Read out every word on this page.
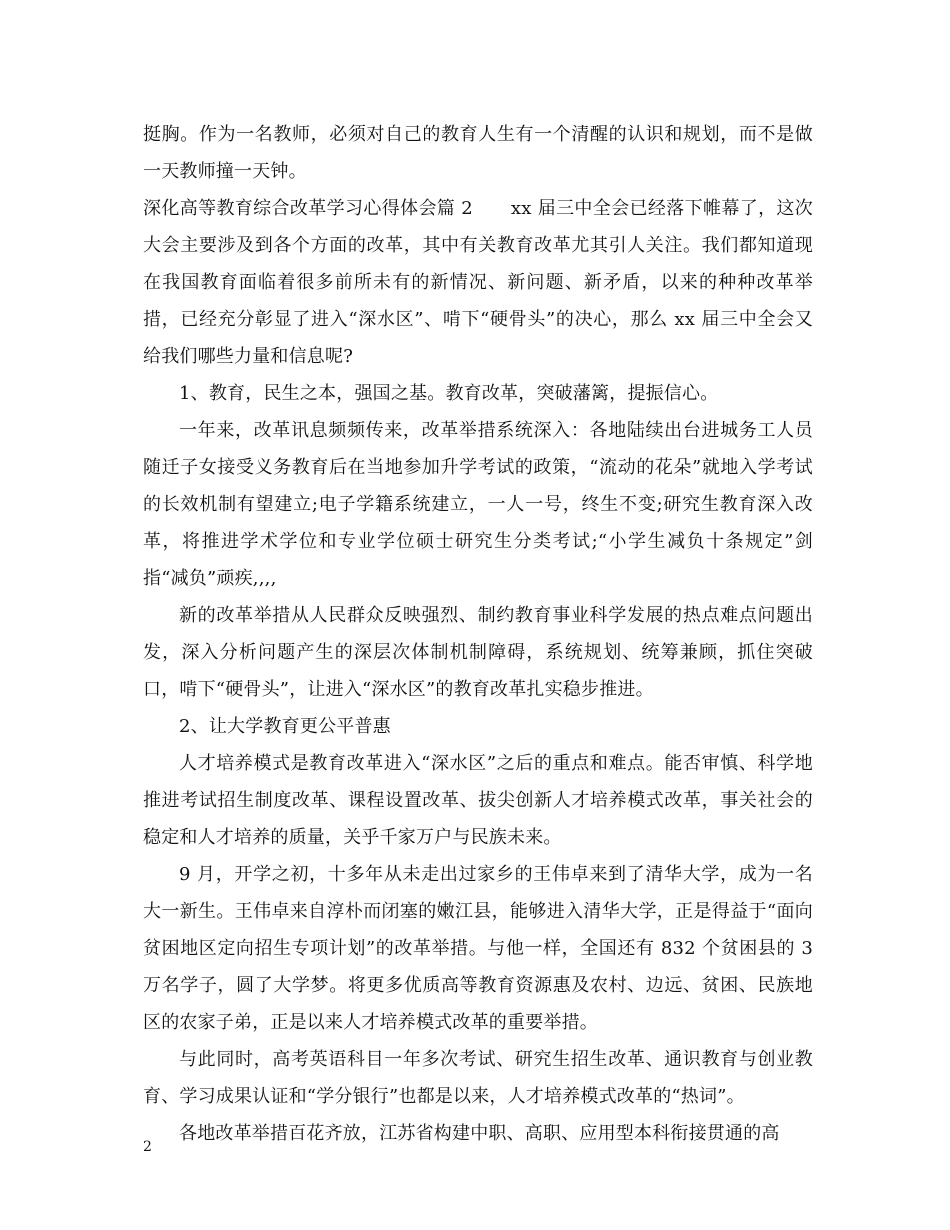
挺胸。作为一名教师，必须对自己的教育人生有一个清醒的认识和规划，而不是做一天教师撞一天钟。

深化高等教育综合改革学习心得体会篇 2 xx 届三中全会已经落下帷幕了，这次大会主要涉及到各个方面的改革，其中有关教育改革尤其引人关注。我们都知道现在我国教育面临着很多前所未有的新情况、新问题、新矛盾，以来的种种改革举措，已经充分彰显了进入“深水区”、啃下“硬骨头”的决心，那么 xx 届三中全会又给我们哪些力量和信息呢?

1、教育，民生之本，强国之基。教育改革，突破藩篱，提振信心。

一年来，改革讯息频频传来，改革举措系统深入：各地陆续出台进城务工人员随迁子女接受义务教育后在当地参加升学考试的政策，“流动的花朵”就地入学考试的长效机制有望建立;电子学籍系统建立，一人一号，终生不变;研究生教育深入改革，将推进学术学位和专业学位硕士研究生分类考试;“小学生减负十条规定”剑指“减负”顽疾,,,,

新的改革举措从人民群众反映强烈、制约教育事业科学发展的热点难点问题出发，深入分析问题产生的深层次体制机制障碍，系统规划、统筹兼顾，抓住突破口，啃下“硬骨头”，让进入“深水区”的教育改革扎实稳步推进。

2、让大学教育更公平普惠

人才培养模式是教育改革进入“深水区”之后的重点和难点。能否审慎、科学地推进考试招生制度改革、课程设置改革、拔尖创新人才培养模式改革，事关社会的稳定和人才培养的质量，关乎千家万户与民族未来。

9 月，开学之初，十多年从未走出过家乡的王伟卓来到了清华大学，成为一名大一新生。王伟卓来自淳朴而闭塞的嫩江县，能够进入清华大学，正是得益于“面向贫困地区定向招生专项计划”的改革举措。与他一样，全国还有 832 个贫困县的 3 万名学子，圆了大学梦。将更多优质高等教育资源惠及农村、边远、贫困、民族地区的农家子弟，正是以来人才培养模式改革的重要举措。

与此同时，高考英语科目一年多次考试、研究生招生改革、通识教育与创业教育、学习成果认证和“学分银行”也都是以来，人才培养模式改革的“热词”。

各地改革举措百花齐放，江苏省构建中职、高职、应用型本科衔接贯通的高

2
